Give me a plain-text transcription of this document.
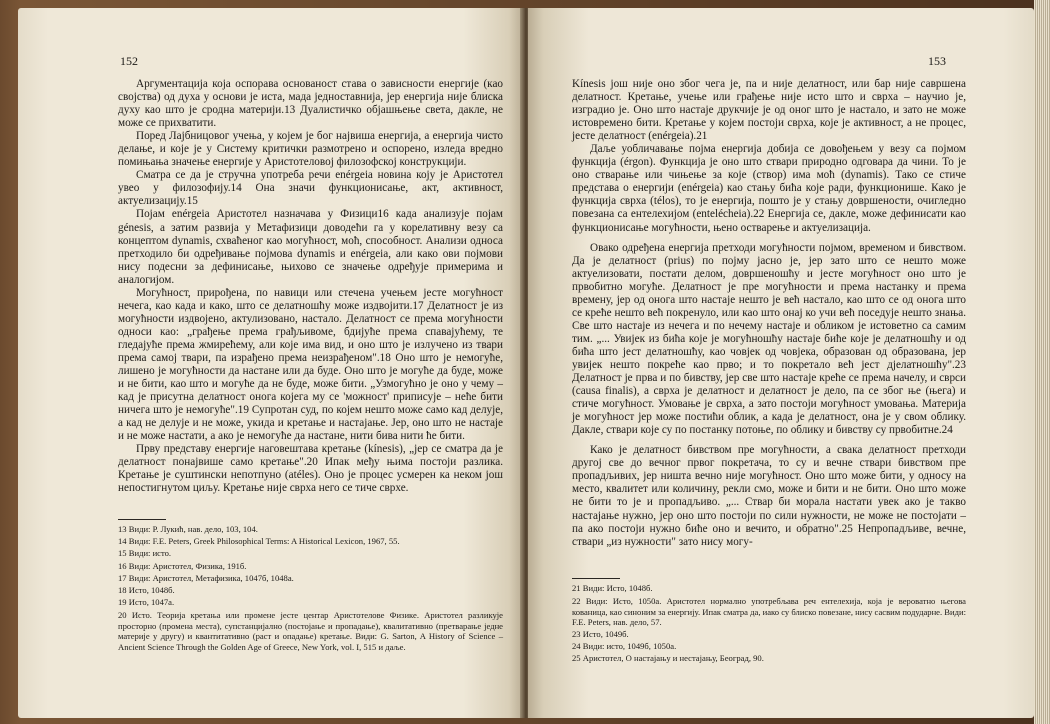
152

Аргументација која оспорава основаност става о зависности енергије (као својства) од духа у основи је иста, мада једноставнија, јер енергија није блиска духу као што је сродна материји.13 Дуалистичко објашњење света, дакле, не може се прихватити.

Поред Лајбницовог учења, у којем је бог највиша енергија, а енергија чисто делање, и које је у Систему критички размотрено и оспорено, изледа вредно помињања значење енергије у Аристотеловој филозофској конструкцији.

Сматра се да је стручна употреба речи enérgeia новина коју је Аристотел увео у филозофију.14 Она значи функционисање, акт, активност, актуелизацију.15

Појам enérgeia Аристотел назначава у Физици16 када анализује појам génesis, а затим развија у Метафизици доводећи га у корелативну везу са концептом dynamis, схваћеног као могућност, моћ, способност. Анализи односа претходило би одређивање појмова dynamis и enérgeia, али како ови појмови нису подесни за дефинисање, њихово се значење одређује примерима и аналогијом.

Могућност, прирођена, по навици или стечена учењем јесте могућност нечега, као када и како, што се делатношћу може издвојити.17 Делатност је из могућности издвојено, актулизовано, настало. Делатност се према могућности односи као: „грађење према грађљивоме, бдијуће према спавајућему, те гледајуће према жмирећему, али које има вид, и оно што је излучено из твари према самој твари, па израђено према неизрађеном".18 Оно што је немогуће, лишено је могућности да настане или да буде. Оно што је могуће да буде, може и не бити, као што и могуће да не буде, може бити. „Узмогућно је оно у чему – кад је присутна делатност онога којега му се 'можност' приписује – неће бити ничега што је немогуће".19 Супротан суд, по којем нешто може само кад делује, а кад не делује и не може, укида и кретање и настајање. Јер, оно што не настаје и не може настати, а ако је немогуће да настане, нити бива нити ће бити.

Прву представу енергије наговештава кретање (kínesis), „јер се сматра да је делатност понајвише само кретање".20 Ипак међу њима постоји разлика. Кретање је суштински непотпуно (atéles). Оно је процес усмерен ка неком још непостигнутом циљу. Кретање није сврха него се тиче сврхе.

13 Види: Р. Лукић, нав. дело, 103, 104.

14 Види: F.E. Peters, Greek Philosophical Terms: A Historical Lexicon, 1967, 55.

15 Види: исто.

16 Види: Аристотел, Физика, 191б.

17 Види: Аристотел, Метафизика, 1047б, 1048а.

18 Исто, 1048б.

19 Исто, 1047а.

20 Исто. Теорија кретања или промене јесте центар Аристотелове Физике. Аристотел разликује просторно (промена места), супстанцијално (постојање и пропадање), квалитативно (претварање једне материје у другу) и квантитативно (раст и опадање) кретање. Види: G. Sarton, A History of Science – Ancient Science Through the Golden Age of Greece, New York, vol. I, 515 и даље.

153

Kínesis још није оно због чега је, па и није делатност, или бар није савршена делатност. Кретање, учење или грађење није исто што и сврха – научио је, изградио је. Оно што настаје друкчије је од оног што је настало, и зато не може истовремено бити. Кретање у којем постоји сврха, које је активност, а не процес, јесте делатност (enérgeia).21

Даље уобличавање појма енергија добија се довођењем у везу са појмом функција (érgon). Функција је оно што ствари природно одговара да чини. То је оно стварање или чињење за које (створ) има моћ (dynamis). Тако се стиче представа о енергији (enérgeia) као стању бића које ради, функционише. Како је функција сврха (télos), то је енергија, пошто је у стању довршености, очигледно повезана са ентелехијом (entelécheia).22 Енергија се, дакле, може дефинисати као функционисање могућности, њено остварење и актуелизација.

Овако одређена енергија претходи могућности појмом, временом и бивством. Да је делатност (prius) по појму јасно је, јер зато што се нешто може актуелизовати, постати делом, довршеношћу и јесте могућност оно што је првобитно могуће. Делатност је пре могућности и према настанку и према времену, јер од онога што настаје нешто је већ настало, као што се од онога што се креће нешто већ покренуло, или као што онај ко учи већ поседује нешто знања. Све што настаје из нечега и по нечему настаје и обликом је истоветно са самим тим. „... Увијек из бића које је могућношћу настаје биће које је делатношћу и од бића што јест делатношћу, као човјек од човјека, образован од образована, јер увијек нешто покреће као прво; и то покретало већ јест дјелатношћу".23 Делатност је прва и по бивству, јер све што настаје креће се према начелу, и сврси (causa finalis), а сврха је делатност и делатност је дело, па се због ње (њега) и стиче могућност. Умовање је сврха, а зато постоји могућност умовања. Материја је могућност јер може постићи облик, а када је делатност, она је у свом облику. Дакле, ствари које су по постанку потоње, по облику и бивству су првобитне.24

Како је делатност бивством пре могућности, а свака делатност претходи другој све до вечног првог покретача, то су и вечне ствари бивством пре пропадљивих, јер ништа вечно није могућност. Оно што може бити, у односу на место, квалитет или количину, рекли смо, може и бити и не бити. Оно што може не бити то је и пропадљиво. „... Ствар би морала настати увек ако је такво настајање нужно, јер оно што постоји по сили нужности, не може не постојати – па ако постоји нужно биће оно и вечито, и обратно".25 Непропадљиве, вечне, ствари „из нужности" зато нису могу-

21 Види: Исто, 1048б.

22 Види: Исто, 1050а. Аристотел нормално употребљава реч ентелехија, која је вероватно његова кованица, као синоним за енергију. Ипак сматра да, иако су блиско повезане, нису сасвим подударне. Види: F.E. Peters, нав. дело, 57.

23 Исто, 1049б.

24 Види: исто, 1049б, 1050а.

25 Аристотел, О настајању и нестајању, Београд, 90.
